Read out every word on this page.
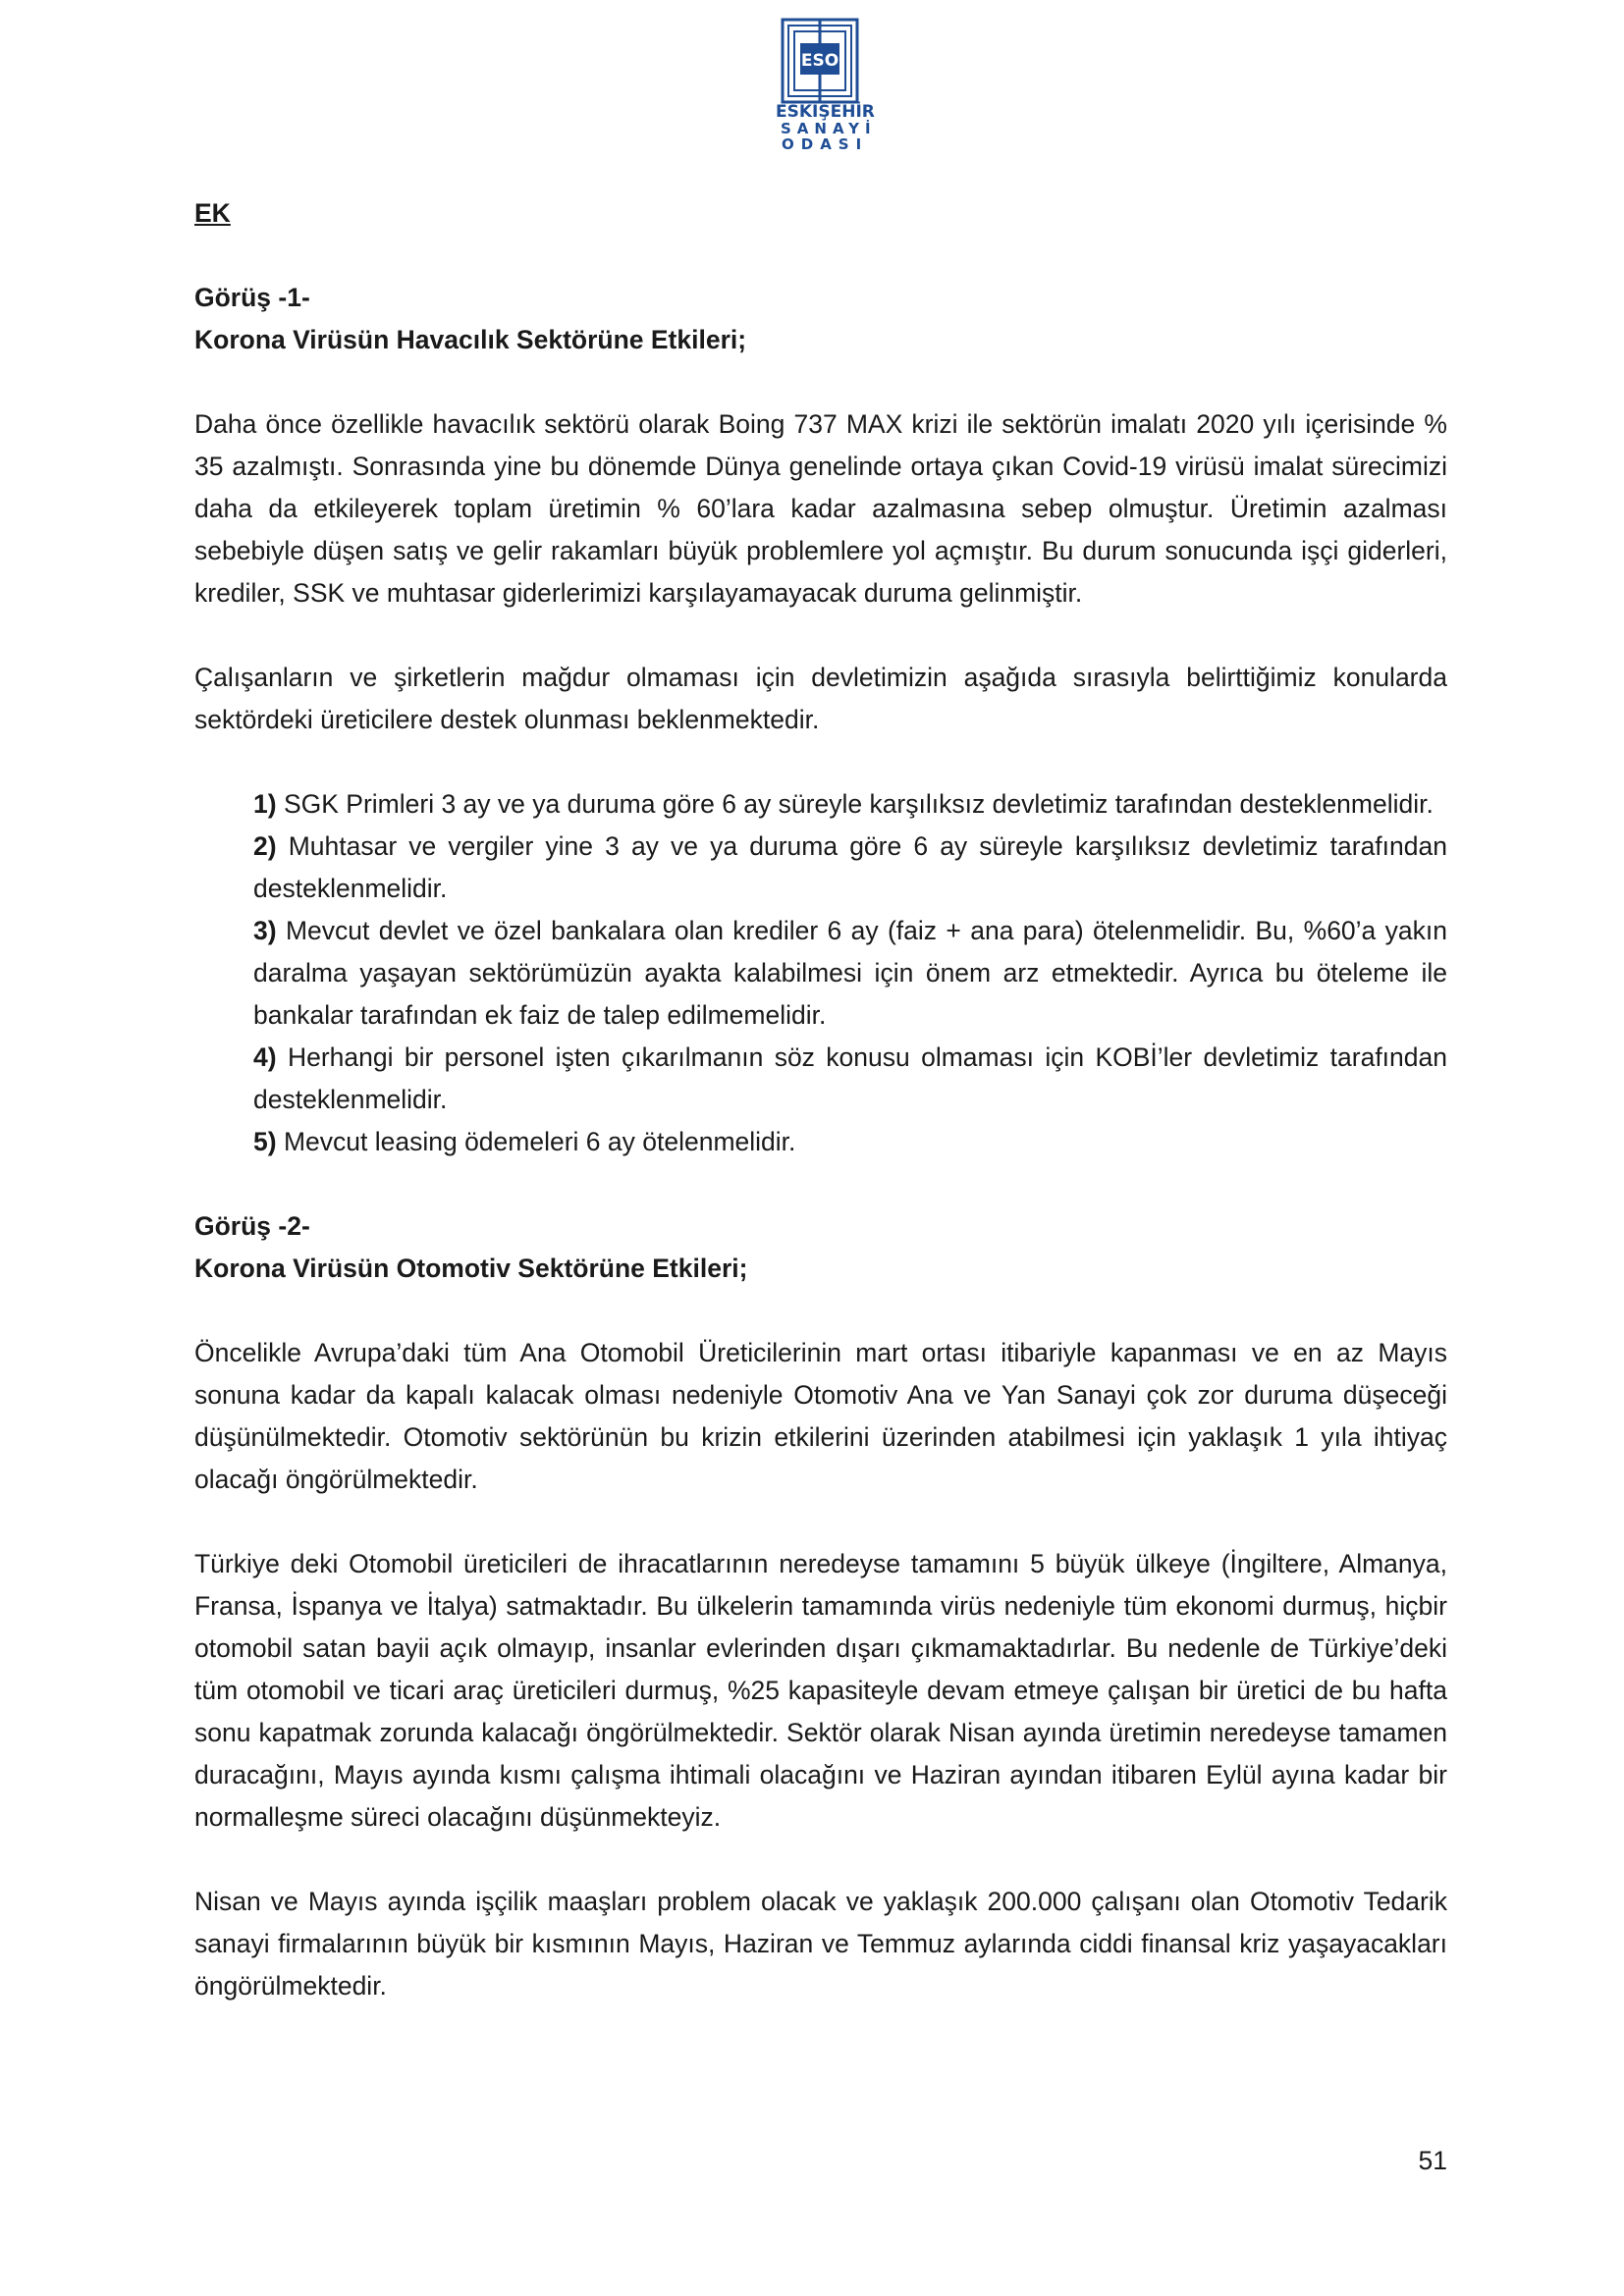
ESO
ESKİŞEHİR
SANAYİ
ODASI

EK

Görüş -1-

Korona Virüsün Havacılık Sektörüne Etkileri;

Daha önce özellikle havacılık sektörü olarak Boing 737 MAX krizi ile sektörün imalatı 2020 yılı içerisinde % 35 azalmıştı. Sonrasında yine bu dönemde Dünya genelinde ortaya çıkan Covid-19 virüsü imalat sürecimizi daha da etkileyerek toplam üretimin % 60’lara kadar azalmasına sebep olmuştur. Üretimin azalması sebebiyle düşen satış ve gelir rakamları büyük problemlere yol açmıştır. Bu durum sonucunda işçi giderleri, krediler, SSK ve muhtasar giderlerimizi karşılayamayacak duruma gelinmiştir.

Çalışanların ve şirketlerin mağdur olmaması için devletimizin aşağıda sırasıyla belirttiğimiz konularda sektördeki üreticilere destek olunması beklenmektedir.

1) SGK Primleri 3 ay ve ya duruma göre 6 ay süreyle karşılıksız devletimiz tarafından desteklenmelidir.

2) Muhtasar ve vergiler yine 3 ay ve ya duruma göre 6 ay süreyle karşılıksız devletimiz tarafından desteklenmelidir.

3) Mevcut devlet ve özel bankalara olan krediler 6 ay (faiz + ana para) ötelenmelidir. Bu, %60’a yakın daralma yaşayan sektörümüzün ayakta kalabilmesi için önem arz etmektedir. Ayrıca bu öteleme ile bankalar tarafından ek faiz de talep edilmemelidir.

4) Herhangi bir personel işten çıkarılmanın söz konusu olmaması için KOBİ’ler devletimiz tarafından desteklenmelidir.

5) Mevcut leasing ödemeleri 6 ay ötelenmelidir.

Görüş -2-

Korona Virüsün Otomotiv Sektörüne Etkileri;

Öncelikle Avrupa’daki tüm Ana Otomobil Üreticilerinin mart ortası itibariyle kapanması ve en az Mayıs sonuna kadar da kapalı kalacak olması nedeniyle Otomotiv Ana ve Yan Sanayi çok zor duruma düşeceği düşünülmektedir. Otomotiv sektörünün bu krizin etkilerini üzerinden atabilmesi için yaklaşık 1 yıla ihtiyaç olacağı öngörülmektedir.

Türkiye deki Otomobil üreticileri de ihracatlarının neredeyse tamamını 5 büyük ülkeye (İngiltere, Almanya, Fransa, İspanya ve İtalya) satmaktadır. Bu ülkelerin tamamında virüs nedeniyle tüm ekonomi durmuş, hiçbir otomobil satan bayii açık olmayıp, insanlar evlerinden dışarı çıkmamaktadırlar. Bu nedenle de Türkiye’deki tüm otomobil ve ticari araç üreticileri durmuş, %25 kapasiteyle devam etmeye çalışan bir üretici de bu hafta sonu kapatmak zorunda kalacağı öngörülmektedir. Sektör olarak Nisan ayında üretimin neredeyse tamamen duracağını, Mayıs ayında kısmı çalışma ihtimali olacağını ve Haziran ayından itibaren Eylül ayına kadar bir normalleşme süreci olacağını düşünmekteyiz.

Nisan ve Mayıs ayında işçilik maaşları problem olacak ve yaklaşık 200.000 çalışanı olan Otomotiv Tedarik sanayi firmalarının büyük bir kısmının Mayıs, Haziran ve Temmuz aylarında ciddi finansal kriz yaşayacakları öngörülmektedir.

51
